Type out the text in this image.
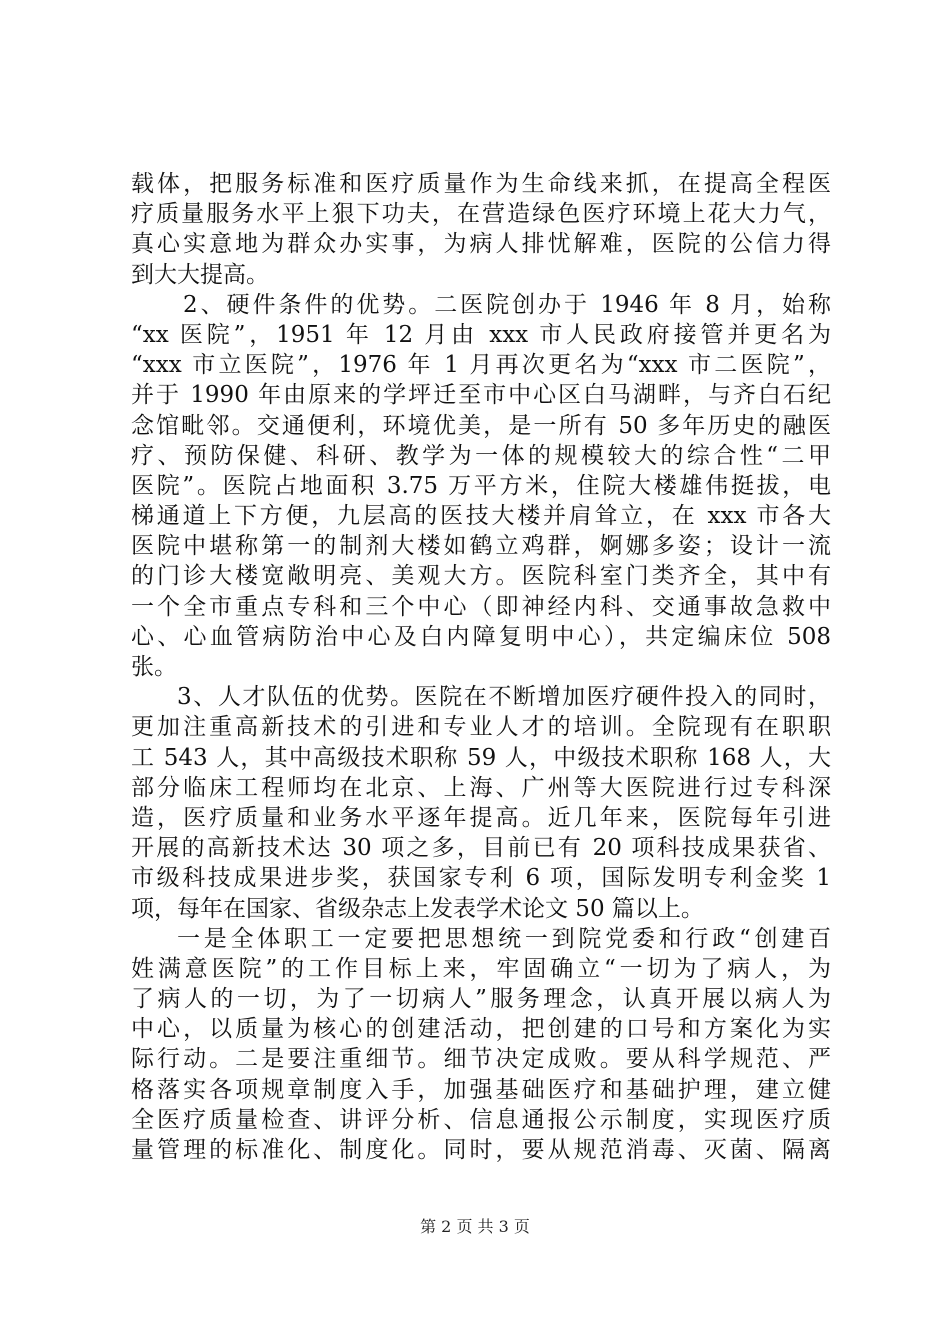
载体，把服务标准和医疗质量作为生命线来抓，在提高全程医
疗质量服务水平上狠下功夫，在营造绿色医疗环境上花大力气，
真心实意地为群众办实事，为病人排忧解难，医院的公信力得
到大大提高。
2、硬件条件的优势。二医院创办于 1946 年 8 月，始称
“xx 医院”，1951 年 12 月由 xxx 市人民政府接管并更名为
“xxx 市立医院”，1976 年 1 月再次更名为“xxx 市二医院”，
并于 1990 年由原来的学坪迁至市中心区白马湖畔，与齐白石纪
念馆毗邻。交通便利，环境优美，是一所有 50 多年历史的融医
疗、预防保健、科研、教学为一体的规模较大的综合性“二甲
医院”。医院占地面积 3.75 万平方米，住院大楼雄伟挺拔，电
梯通道上下方便，九层高的医技大楼并肩耸立，在 xxx 市各大
医院中堪称第一的制剂大楼如鹤立鸡群，婀娜多姿；设计一流
的门诊大楼宽敞明亮、美观大方。医院科室门类齐全，其中有
一个全市重点专科和三个中心（即神经内科、交通事故急救中
心、心血管病防治中心及白内障复明中心），共定编床位 508
张。
3、人才队伍的优势。医院在不断增加医疗硬件投入的同时，
更加注重高新技术的引进和专业人才的培训。全院现有在职职
工 543 人，其中高级技术职称 59 人，中级技术职称 168 人，大
部分临床工程师均在北京、上海、广州等大医院进行过专科深
造，医疗质量和业务水平逐年提高。近几年来，医院每年引进
开展的高新技术达 30 项之多，目前已有 20 项科技成果获省、
市级科技成果进步奖，获国家专利 6 项，国际发明专利金奖 1
项，每年在国家、省级杂志上发表学术论文 50 篇以上。
一是全体职工一定要把思想统一到院党委和行政“创建百
姓满意医院”的工作目标上来，牢固确立“一切为了病人，为
了病人的一切，为了一切病人”服务理念，认真开展以病人为
中心，以质量为核心的创建活动，把创建的口号和方案化为实
际行动。二是要注重细节。细节决定成败。要从科学规范、严
格落实各项规章制度入手，加强基础医疗和基础护理，建立健
全医疗质量检查、讲评分析、信息通报公示制度，实现医疗质
量管理的标准化、制度化。同时，要从规范消毒、灭菌、隔离
第 2 页 共 3 页
